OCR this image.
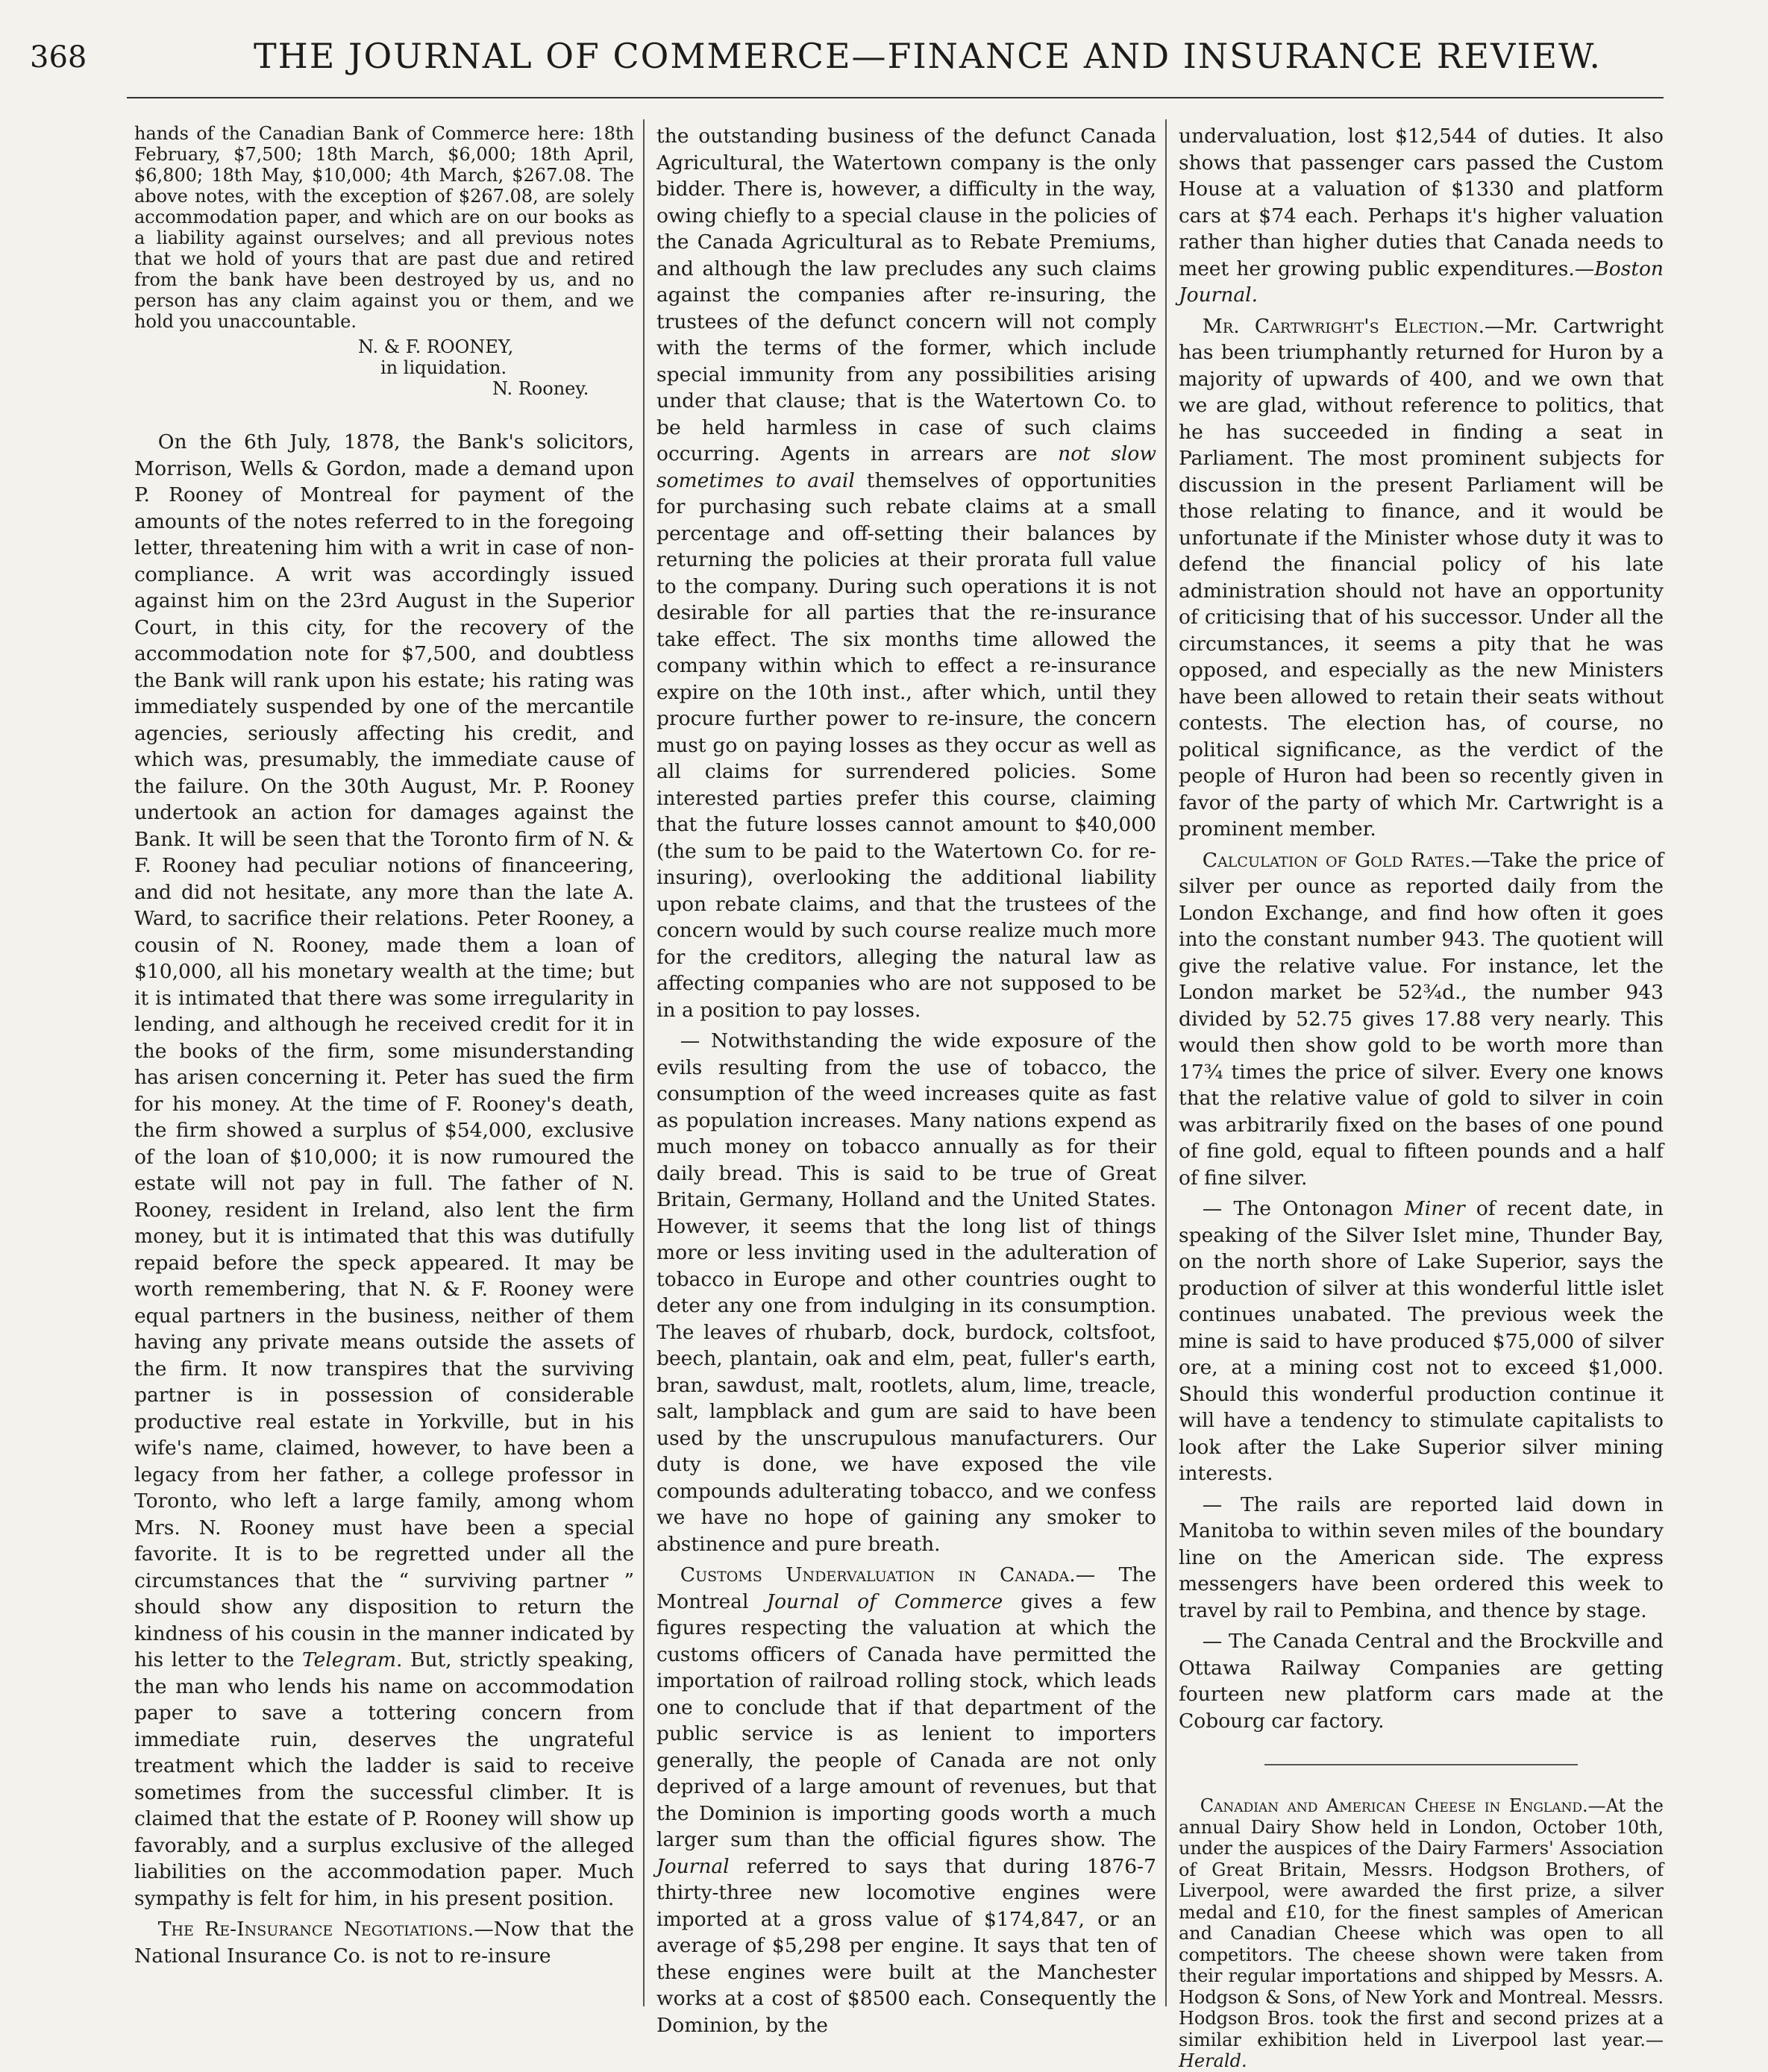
368	THE JOURNAL OF COMMERCE—FINANCE AND INSURANCE REVIEW.

hands of the Canadian Bank of Commerce here: 18th February, $7,500; 18th March, $6,000; 18th April, $6,800; 18th May, $10,000; 4th March, $267.08. The above notes, with the exception of $267.08, are solely accommodation paper, and which are on our books as a liability against ourselves; and all previous notes that we hold of yours that are past due and retired from the bank have been destroyed by us, and no person has any claim against you or them, and we hold you unaccountable.

N. & F. ROONEY,
in liquidation.
N. Rooney.

On the 6th July, 1878, the Bank's solicitors, Morrison, Wells & Gordon, made a demand upon P. Rooney of Montreal for payment of the amounts of the notes referred to in the foregoing letter, threatening him with a writ in case of non-compliance. A writ was accordingly issued against him on the 23rd August in the Superior Court, in this city, for the recovery of the accommodation note for $7,500, and doubtless the Bank will rank upon his estate; his rating was immediately suspended by one of the mercantile agencies, seriously affecting his credit, and which was, presumably, the immediate cause of the failure. On the 30th August, Mr. P. Rooney undertook an action for damages against the Bank. It will be seen that the Toronto firm of N. & F. Rooney had peculiar notions of financeering, and did not hesitate, any more than the late A. Ward, to sacrifice their relations. Peter Rooney, a cousin of N. Rooney, made them a loan of $10,000, all his monetary wealth at the time; but it is intimated that there was some irregularity in lending, and although he received credit for it in the books of the firm, some misunderstanding has arisen concerning it. Peter has sued the firm for his money. At the time of F. Rooney's death, the firm showed a surplus of $54,000, exclusive of the loan of $10,000; it is now rumoured the estate will not pay in full. The father of N. Rooney, resident in Ireland, also lent the firm money, but it is intimated that this was dutifully repaid before the speck appeared. It may be worth remembering, that N. & F. Rooney were equal partners in the business, neither of them having any private means outside the assets of the firm. It now transpires that the surviving partner is in possession of considerable productive real estate in Yorkville, but in his wife's name, claimed, however, to have been a legacy from her father, a college professor in Toronto, who left a large family, among whom Mrs. N. Rooney must have been a special favorite. It is to be regretted under all the circumstances that the “ surviving partner ” should show any disposition to return the kindness of his cousin in the manner indicated by his letter to the Telegram. But, strictly speaking, the man who lends his name on accommodation paper to save a tottering concern from immediate ruin, deserves the ungrateful treatment which the ladder is said to receive sometimes from the successful climber. It is claimed that the estate of P. Rooney will show up favorably, and a surplus exclusive of the alleged liabilities on the accommodation paper. Much sympathy is felt for him, in his present position.

The Re-Insurance Negotiations.—Now that the National Insurance Co. is not to re-insure

the outstanding business of the defunct Canada Agricultural, the Watertown company is the only bidder. There is, however, a difficulty in the way, owing chiefly to a special clause in the policies of the Canada Agricultural as to Rebate Premiums, and although the law precludes any such claims against the companies after re-insuring, the trustees of the defunct concern will not comply with the terms of the former, which include special immunity from any possibilities arising under that clause; that is the Watertown Co. to be held harmless in case of such claims occurring. Agents in arrears are not slow sometimes to avail themselves of opportunities for purchasing such rebate claims at a small percentage and off-setting their balances by returning the policies at their prorata full value to the company. During such operations it is not desirable for all parties that the re-insurance take effect. The six months time allowed the company within which to effect a re-insurance expire on the 10th inst., after which, until they procure further power to re-insure, the concern must go on paying losses as they occur as well as all claims for surrendered policies. Some interested parties prefer this course, claiming that the future losses cannot amount to $40,000 (the sum to be paid to the Watertown Co. for re-insuring), overlooking the additional liability upon rebate claims, and that the trustees of the concern would by such course realize much more for the creditors, alleging the natural law as affecting companies who are not supposed to be in a position to pay losses.

— Notwithstanding the wide exposure of the evils resulting from the use of tobacco, the consumption of the weed increases quite as fast as population increases. Many nations expend as much money on tobacco annually as for their daily bread. This is said to be true of Great Britain, Germany, Holland and the United States. However, it seems that the long list of things more or less inviting used in the adulteration of tobacco in Europe and other countries ought to deter any one from indulging in its consumption. The leaves of rhubarb, dock, burdock, coltsfoot, beech, plantain, oak and elm, peat, fuller's earth, bran, sawdust, malt, rootlets, alum, lime, treacle, salt, lampblack and gum are said to have been used by the unscrupulous manufacturers. Our duty is done, we have exposed the vile compounds adulterating tobacco, and we confess we have no hope of gaining any smoker to abstinence and pure breath.

Customs Undervaluation in Canada.— The Montreal Journal of Commerce gives a few figures respecting the valuation at which the customs officers of Canada have permitted the importation of railroad rolling stock, which leads one to conclude that if that department of the public service is as lenient to importers generally, the people of Canada are not only deprived of a large amount of revenues, but that the Dominion is importing goods worth a much larger sum than the official figures show. The Journal referred to says that during 1876-7 thirty-three new locomotive engines were imported at a gross value of $174,847, or an average of $5,298 per engine. It says that ten of these engines were built at the Manchester works at a cost of $8500 each. Consequently the Dominion, by the

undervaluation, lost $12,544 of duties. It also shows that passenger cars passed the Custom House at a valuation of $1330 and platform cars at $74 each. Perhaps it's higher valuation rather than higher duties that Canada needs to meet her growing public expenditures.—Boston Journal.

Mr. Cartwright's Election.—Mr. Cartwright has been triumphantly returned for Huron by a majority of upwards of 400, and we own that we are glad, without reference to politics, that he has succeeded in finding a seat in Parliament. The most prominent subjects for discussion in the present Parliament will be those relating to finance, and it would be unfortunate if the Minister whose duty it was to defend the financial policy of his late administration should not have an opportunity of criticising that of his successor. Under all the circumstances, it seems a pity that he was opposed, and especially as the new Ministers have been allowed to retain their seats without contests. The election has, of course, no political significance, as the verdict of the people of Huron had been so recently given in favor of the party of which Mr. Cartwright is a prominent member.

Calculation of Gold Rates.—Take the price of silver per ounce as reported daily from the London Exchange, and find how often it goes into the constant number 943. The quotient will give the relative value. For instance, let the London market be 52¾d., the number 943 divided by 52.75 gives 17.88 very nearly. This would then show gold to be worth more than 17¾ times the price of silver. Every one knows that the relative value of gold to silver in coin was arbitrarily fixed on the bases of one pound of fine gold, equal to fifteen pounds and a half of fine silver.

— The Ontonagon Miner of recent date, in speaking of the Silver Islet mine, Thunder Bay, on the north shore of Lake Superior, says the production of silver at this wonderful little islet continues unabated. The previous week the mine is said to have produced $75,000 of silver ore, at a mining cost not to exceed $1,000. Should this wonderful production continue it will have a tendency to stimulate capitalists to look after the Lake Superior silver mining interests.

— The rails are reported laid down in Manitoba to within seven miles of the boundary line on the American side. The express messengers have been ordered this week to travel by rail to Pembina, and thence by stage.

— The Canada Central and the Brockville and Ottawa Railway Companies are getting fourteen new platform cars made at the Cobourg car factory.

Canadian and American Cheese in England.—At the annual Dairy Show held in London, October 10th, under the auspices of the Dairy Farmers' Association of Great Britain, Messrs. Hodgson Brothers, of Liverpool, were awarded the first prize, a silver medal and £10, for the finest samples of American and Canadian Cheese which was open to all competitors. The cheese shown were taken from their regular importations and shipped by Messrs. A. Hodgson & Sons, of New York and Montreal. Messrs. Hodgson Bros. took the first and second prizes at a similar exhibition held in Liverpool last year.—Herald.
